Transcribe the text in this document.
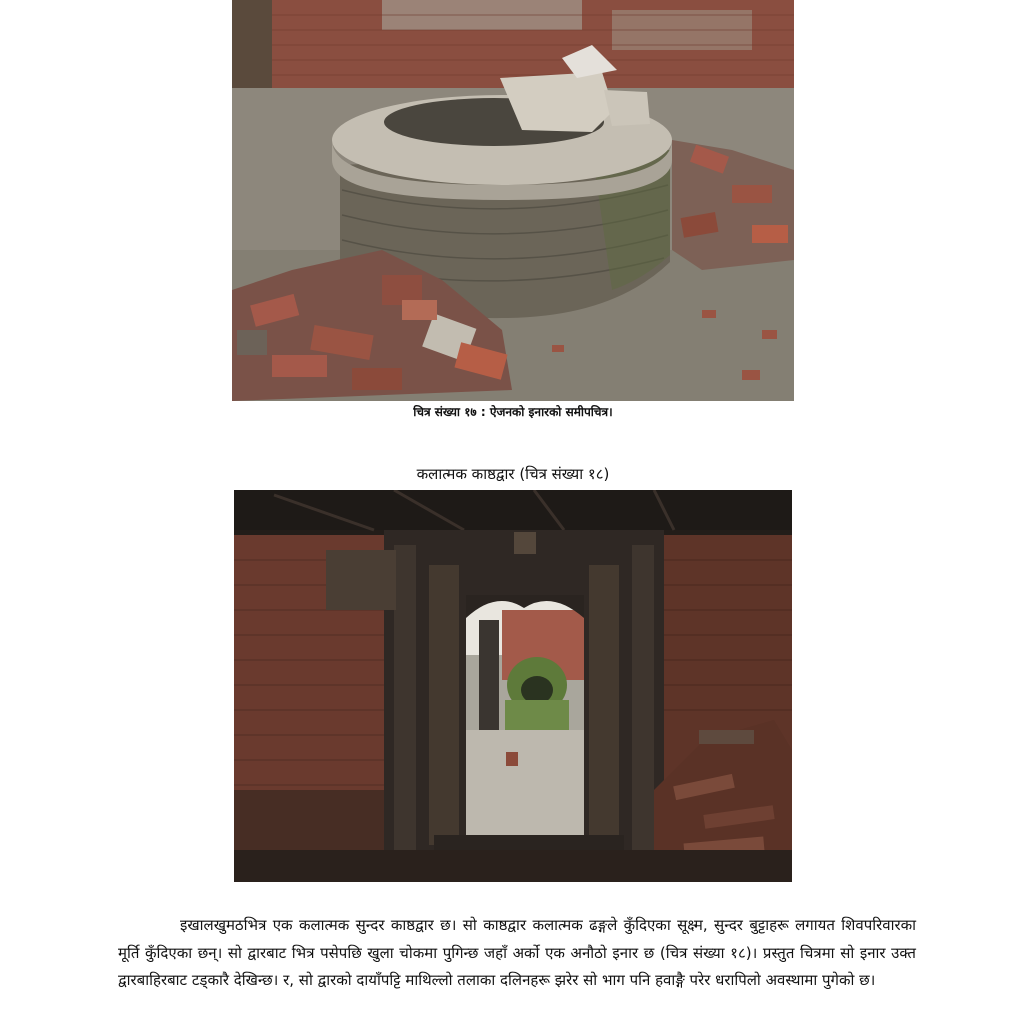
चित्र संख्या १७ : ऐजनको इनारको समीपचित्र।
कलात्मक काष्ठद्वार (चित्र संख्या १८)

इखालखुमठभित्र एक कलात्मक सुन्दर काष्ठद्वार छ। सो काष्ठद्वार कलात्मक ढङ्गले कुँदिएका सूक्ष्म, सुन्दर बुट्टाहरू लगायत शिवपरिवारका मूर्ति कुँदिएका छन्। सो द्वारबाट भित्र पसेपछि खुला चोकमा पुगिन्छ जहाँ अर्को एक अनौठो इनार छ (चित्र संख्या १८)। प्रस्तुत चित्रमा सो इनार उक्त द्वारबाहिरबाट टड्कारै देखिन्छ। र, सो द्वारको दायाँपट्टि माथिल्लो तलाका दलिनहरू झरेर सो भाग पनि हवाङ्गै परेर धरापिलो अवस्थामा पुगेको छ।
